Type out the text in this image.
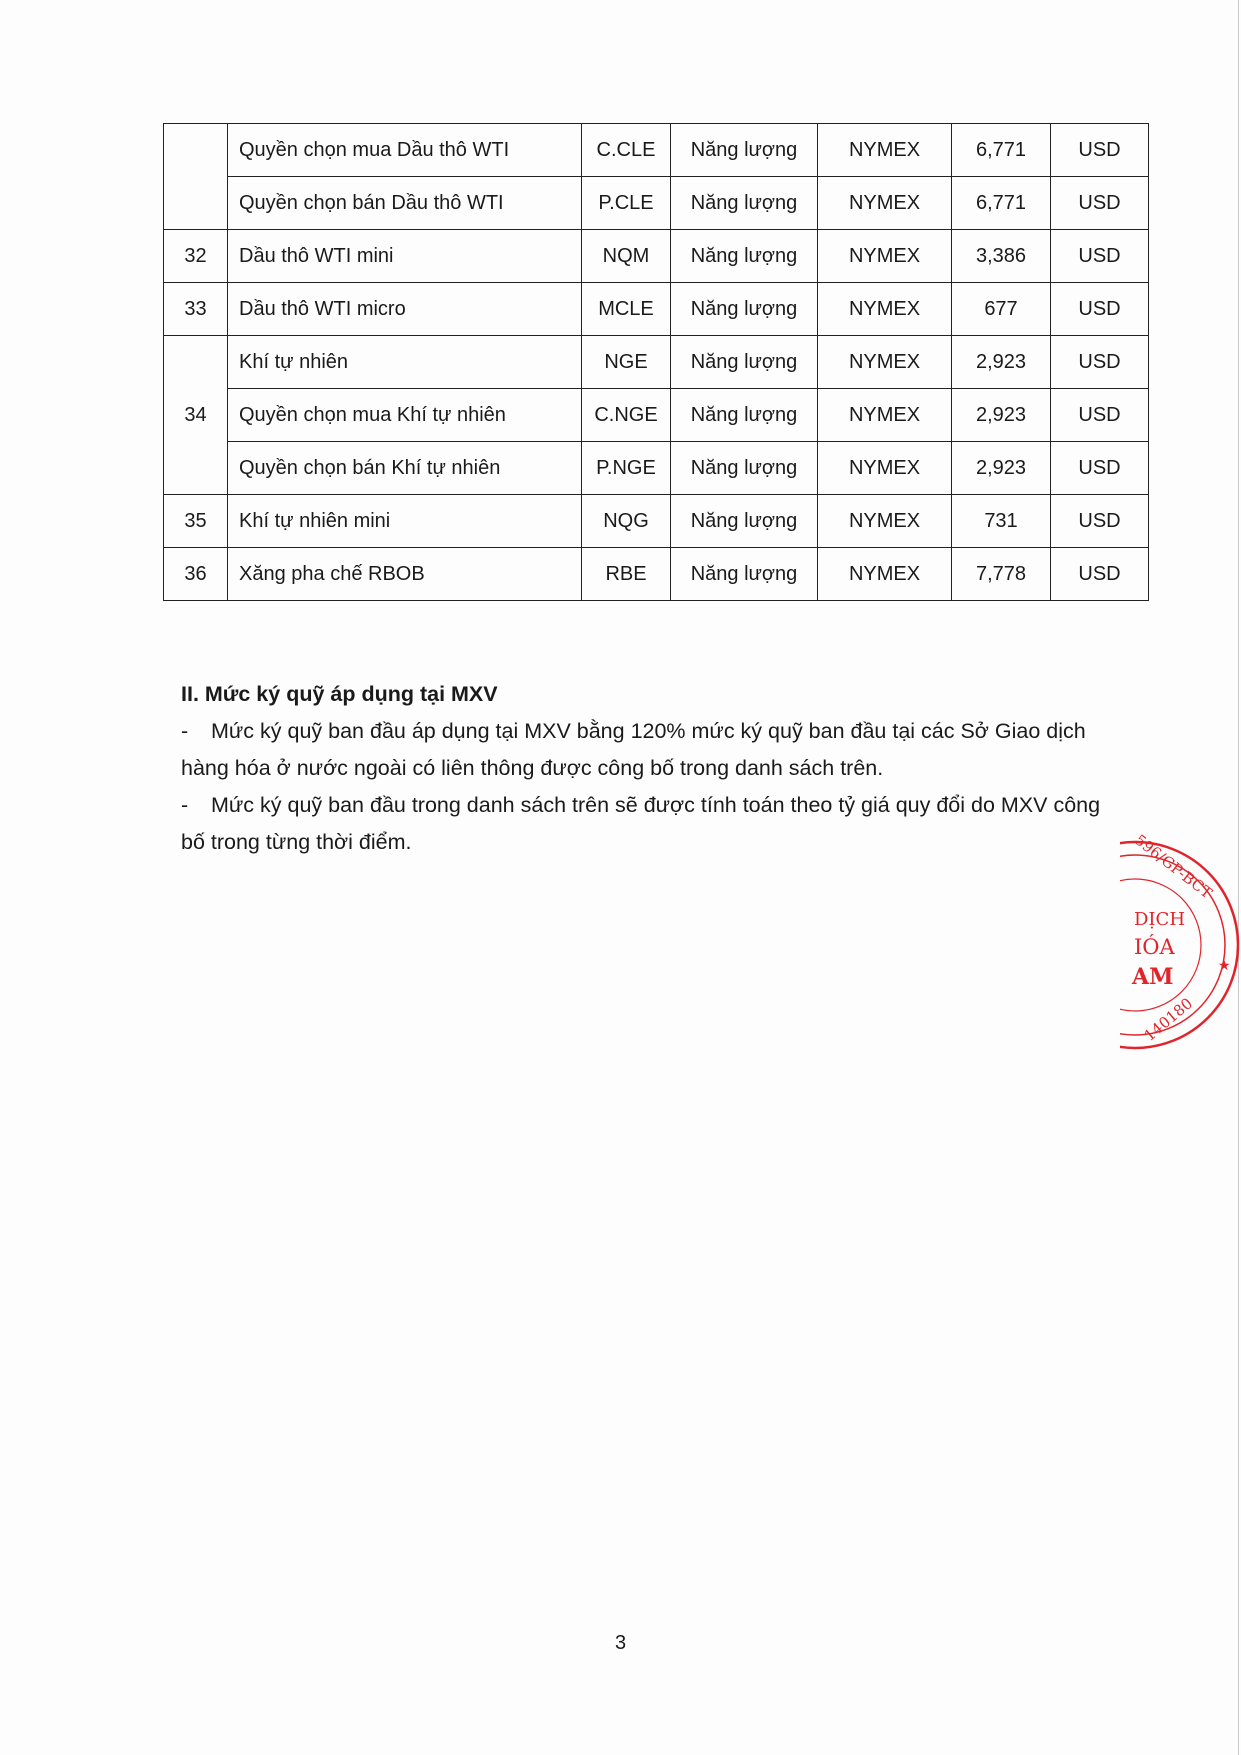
	Quyền chọn mua Dầu thô WTI	C.CLE	Năng lượng	NYMEX	6,771	USD
	Quyền chọn bán Dầu thô WTI	P.CLE	Năng lượng	NYMEX	6,771	USD
32	Dầu thô WTI mini	NQM	Năng lượng	NYMEX	3,386	USD
33	Dầu thô WTI micro	MCLE	Năng lượng	NYMEX	677	USD
34	Khí tự nhiên	NGE	Năng lượng	NYMEX	2,923	USD
	Quyền chọn mua Khí tự nhiên	C.NGE	Năng lượng	NYMEX	2,923	USD
	Quyền chọn bán Khí tự nhiên	P.NGE	Năng lượng	NYMEX	2,923	USD
35	Khí tự nhiên mini	NQG	Năng lượng	NYMEX	731	USD
36	Xăng pha chế RBOB	RBE	Năng lượng	NYMEX	7,778	USD
II. Mức ký quỹ áp dụng tại MXV

- Mức ký quỹ ban đầu áp dụng tại MXV bằng 120% mức ký quỹ ban đầu tại các Sở Giao dịch hàng hóa ở nước ngoài có liên thông được công bố trong danh sách trên.

- Mức ký quỹ ban đầu trong danh sách trên sẽ được tính toán theo tỷ giá quy đổi do MXV công bố trong từng thời điểm.

DỊCH
IÓA
AM
596/GP-BCT
140180
★
3
